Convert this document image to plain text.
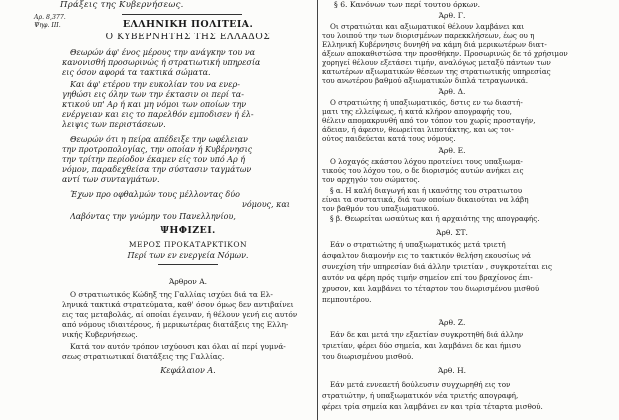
Πράξεις της Κυβερνήσεως.
Αρ. 8,377.
Ψηφ. ΙΙΙ.	ΕΛΛΗΝΙΚΗ ΠΟΛΙΤΕΙΑ.
Ο ΚΥΒΕΡΝΗΤΗΣ ΤΗΣ ΕΛΛΑΔΟΣ
Θεωρών άφ' ένος μέρους την ανάγκην του να
κανονισθή προσωρινώς ή στρατιωτική υπηρεσία
εις όσον αφορά τα τακτικά σώματα.
Και άφ' ετέρου την ευκολίαν του να ενερ-
γηθώσι εις όλην των την έκτασιν οι περί τα-
κτικού υπ' Αρ ή και μη νόμοι των οποίων την
ενέργειαν και εις το παρελθόν εμποδισεν ή έλ-
λειψις των περιστάσεων.
Θεωρών ότι η πείρα απέδειξε την ωφέλειαν
την προτροπολογίας, την οποίαν ή Κυβέρνησις
την τρίτην περίοδον έκαμεν είς τον υπό Αρ ή
νόμον, παραδεχθείσα την σύστασιν ταγμάτων
αντί των συνταγμάτων.
Έχων προ οφθαλμών τους μέλλοντας δύο
νόμους, και
Λαβόντας την γνώμην του Πανελληνίου,
ΨΗΦΙΖΕΙ.
ΜΕΡΟΣ ΠΡΟΚΑΤΑΡΚΤΙΚΟΝ
Περί των εν ενεργεία Νόμων.
Άρθρον Α.
Ο στρατιωτικός Κώδηξ της Γαλλίας ισχύει διά τα Ελ-
ληνικά τακτικά στρατεύματα, καθ' όσον όμως δεν αντιβαίνει
εις τας μεταβολάς, αί οποίαι έγειναν, ή θέλουν γενή εις αυτόν
από νόμους ιδιαιτέρους, ή μερικωτέρας διατάξεις της Ελλη-
νικής Κυβερνήσεως.
Κατά τον αυτόν τρόπον ισχύουσι και όλαι αί περί γυμνά-
σεως στρατιωτικαί διατάξεις της Γαλλίας.
Κεφάλαιον Α.
§ 6. Κανόνων των περί τουτου όρκων.
Άρθ. Γ.
Οι στρατιώται και αξιωματικοί θέλουν λαμβάνει και
του λοιπού την των διορισμένων παρεκκλήσεων, έως ου η
Ελληνική Κυβέρνησις δυνηθή να κάμη διά μερικωτέρων διατ-
άξεων αποκαθιστώσα την προσθήκην. Προσωρινώς δε τό χρήσιμον
χορηγεί θέλουν εξετάσει τιμήν, αναλόγως μεταξύ πάντων των
κατωτέρων αξιωματικών θέσεων της στρατιωτικής υπηρεσίας
του ανωτέρου βαθμού αξιωματικών διπλά τετραγωνικά.
Άρθ. Δ.
Ο στρατιώτης ή υπαξιωματικός, δστις εν τω διαστή-
ματι της ελλείψεως, ή κατά κλήρον απογραφής του,
θέλειν απομακρυνθή από τον τόπον του χωρίς προσταγήν,
άδειαν, ή άφεσιν, θεωρείται λιποτάκτης, και ως τοι-
ούτος παιδεύεται κατά τους νόμους.
Άρθ. Ε.
Ο λοχαγός εκάστου λόχου προτείνει τους υπαξιωμα-
τικούς του λόχου του, ο δε διορισμός αυτών ανήκει εις
τον αρχηγόν του σώματος.
§ α. Η καλή διαγωγή και ή ικανότης του στρατιωτου
είναι τα συστατικά, διά των οποίων δικαιούται να λάβη
τον βαθμόν του υπαξιωματικού.
§ β. Θεωρείται ωσαύτως και ή αρχαιότης της απογραφής.
Άρθ. ΣΤ.
Εάν ο στρατιώτης ή υπαξιωματικός μετά τριετή
άσφαλτον διαμονήν εις το τακτικόν θελήση εκουσίως νά
συνεχίση τήν υπηρεσίαν διά άλλην τριετίαν , συγκροτείται εις
αυτόν να φέρη πρός τιμήν σημείον επί του βραχίονος έπι-
χρυσον, και λαμβάνει το τέταρτον του διωρισμένου μισθού
πεμπουτέρου.
Άρθ. Ζ.
Εάν δε και μετά την εξαετίαν συγκροτηθή διά άλλην
τριετίαν, φέρει δύο σημεία, και λαμβάνει δε και ήμισυ
του διωρισμένου μισθού.
Άρθ. Η.
Εάν μετά εννεαετή δούλευσιν συγχωρηθή εις τον
στρατιώτην, ή υπαξιωματικόν νέα τριετής απογραφή,
φέρει τρία σημεία και λαμβάνει εν και τρία τέταρτα μισθού.
